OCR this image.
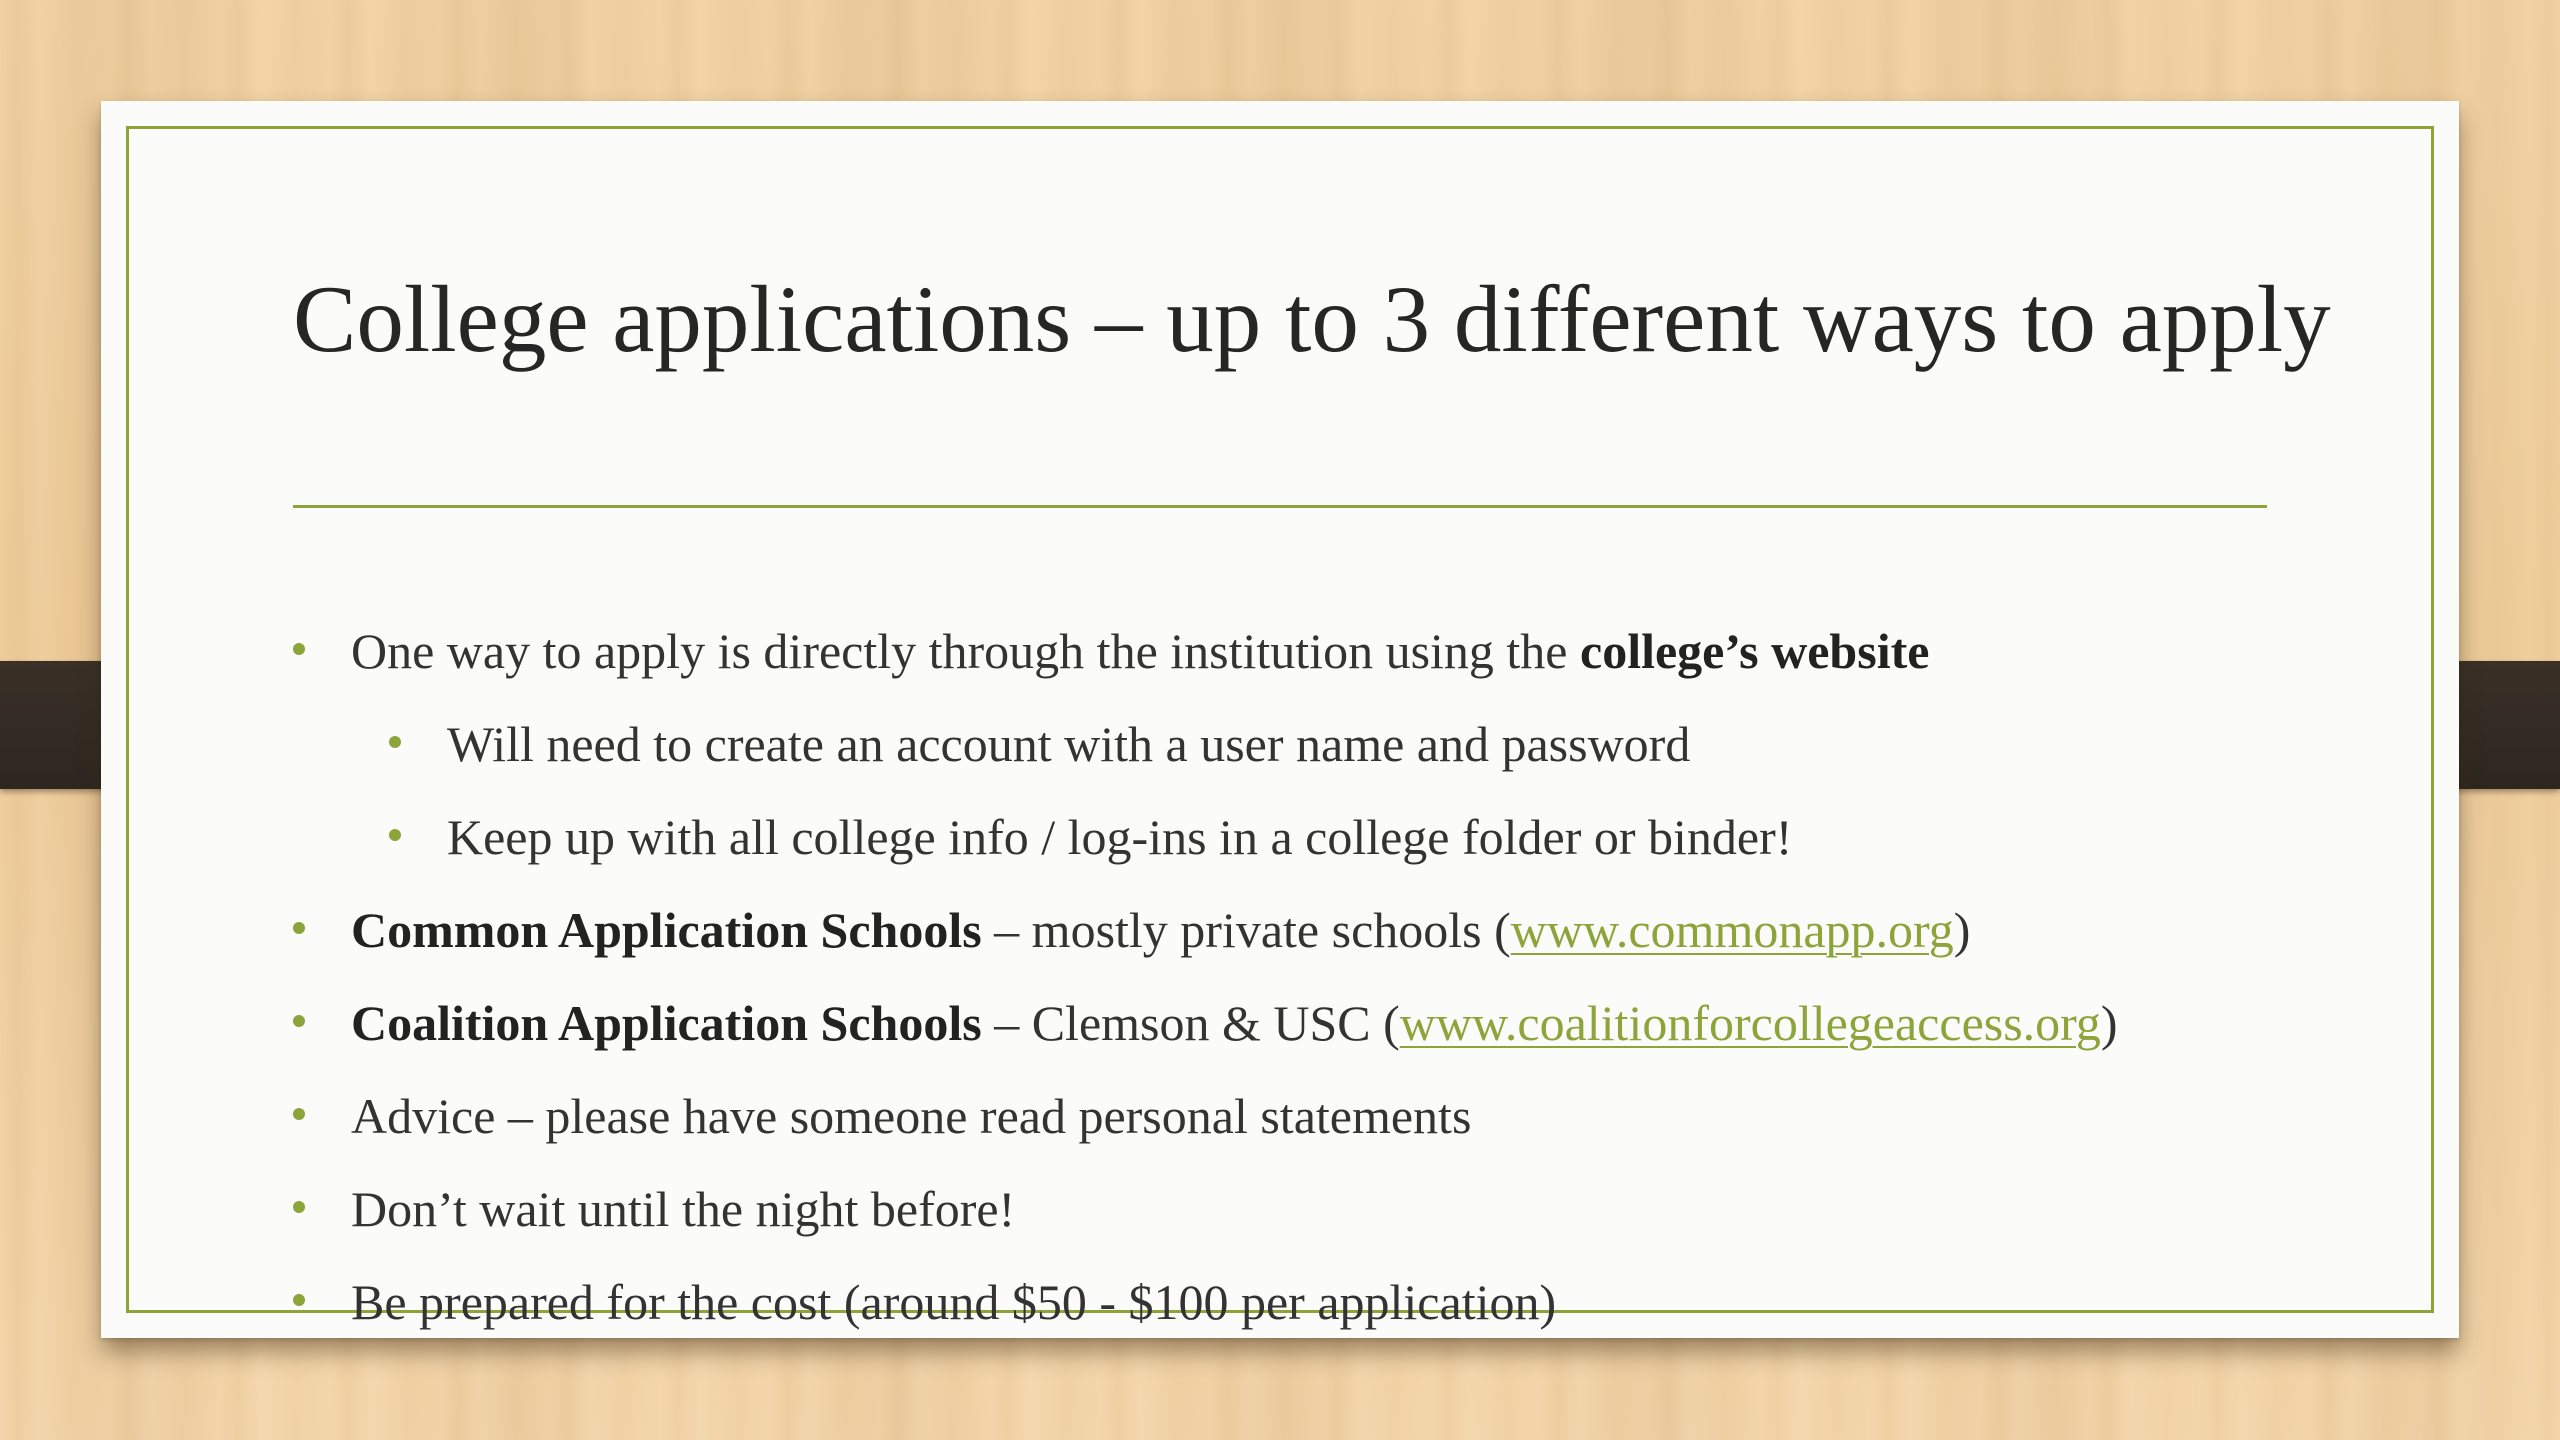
College applications – up to 3 different ways to apply
One way to apply is directly through the institution using the college’s website
Will need to create an account with a user name and password
Keep up with all college info / log-ins in a college folder or binder!
Common Application Schools – mostly private schools (www.commonapp.org)
Coalition Application Schools – Clemson & USC (www.coalitionforcollegeaccess.org)
Advice – please have someone read personal statements
Don’t wait until the night before!
Be prepared for the cost (around $50 - $100 per application)
